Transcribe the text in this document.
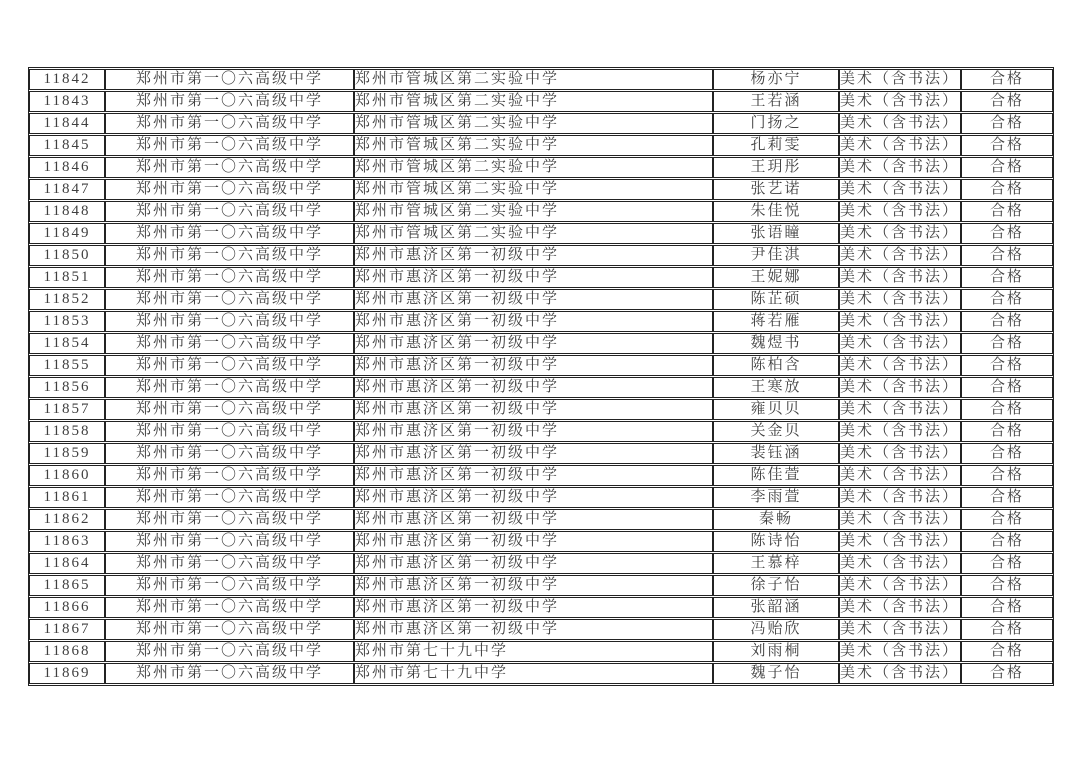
11842	郑州市第一〇六高级中学	郑州市管城区第二实验中学	杨亦宁	美术（含书法）	合格
11843	郑州市第一〇六高级中学	郑州市管城区第二实验中学	王若涵	美术（含书法）	合格
11844	郑州市第一〇六高级中学	郑州市管城区第二实验中学	门扬之	美术（含书法）	合格
11845	郑州市第一〇六高级中学	郑州市管城区第二实验中学	孔莉雯	美术（含书法）	合格
11846	郑州市第一〇六高级中学	郑州市管城区第二实验中学	王玥彤	美术（含书法）	合格
11847	郑州市第一〇六高级中学	郑州市管城区第二实验中学	张艺诺	美术（含书法）	合格
11848	郑州市第一〇六高级中学	郑州市管城区第二实验中学	朱佳悦	美术（含书法）	合格
11849	郑州市第一〇六高级中学	郑州市管城区第二实验中学	张语瞳	美术（含书法）	合格
11850	郑州市第一〇六高级中学	郑州市惠济区第一初级中学	尹佳淇	美术（含书法）	合格
11851	郑州市第一〇六高级中学	郑州市惠济区第一初级中学	王妮娜	美术（含书法）	合格
11852	郑州市第一〇六高级中学	郑州市惠济区第一初级中学	陈芷硕	美术（含书法）	合格
11853	郑州市第一〇六高级中学	郑州市惠济区第一初级中学	蒋若雁	美术（含书法）	合格
11854	郑州市第一〇六高级中学	郑州市惠济区第一初级中学	魏煜书	美术（含书法）	合格
11855	郑州市第一〇六高级中学	郑州市惠济区第一初级中学	陈柏含	美术（含书法）	合格
11856	郑州市第一〇六高级中学	郑州市惠济区第一初级中学	王寒放	美术（含书法）	合格
11857	郑州市第一〇六高级中学	郑州市惠济区第一初级中学	雍贝贝	美术（含书法）	合格
11858	郑州市第一〇六高级中学	郑州市惠济区第一初级中学	关金贝	美术（含书法）	合格
11859	郑州市第一〇六高级中学	郑州市惠济区第一初级中学	裴钰涵	美术（含书法）	合格
11860	郑州市第一〇六高级中学	郑州市惠济区第一初级中学	陈佳萱	美术（含书法）	合格
11861	郑州市第一〇六高级中学	郑州市惠济区第一初级中学	李雨萱	美术（含书法）	合格
11862	郑州市第一〇六高级中学	郑州市惠济区第一初级中学	秦畅	美术（含书法）	合格
11863	郑州市第一〇六高级中学	郑州市惠济区第一初级中学	陈诗怡	美术（含书法）	合格
11864	郑州市第一〇六高级中学	郑州市惠济区第一初级中学	王慕梓	美术（含书法）	合格
11865	郑州市第一〇六高级中学	郑州市惠济区第一初级中学	徐子怡	美术（含书法）	合格
11866	郑州市第一〇六高级中学	郑州市惠济区第一初级中学	张韶涵	美术（含书法）	合格
11867	郑州市第一〇六高级中学	郑州市惠济区第一初级中学	冯贻欣	美术（含书法）	合格
11868	郑州市第一〇六高级中学	郑州市第七十九中学	刘雨桐	美术（含书法）	合格
11869	郑州市第一〇六高级中学	郑州市第七十九中学	魏子怡	美术（含书法）	合格
